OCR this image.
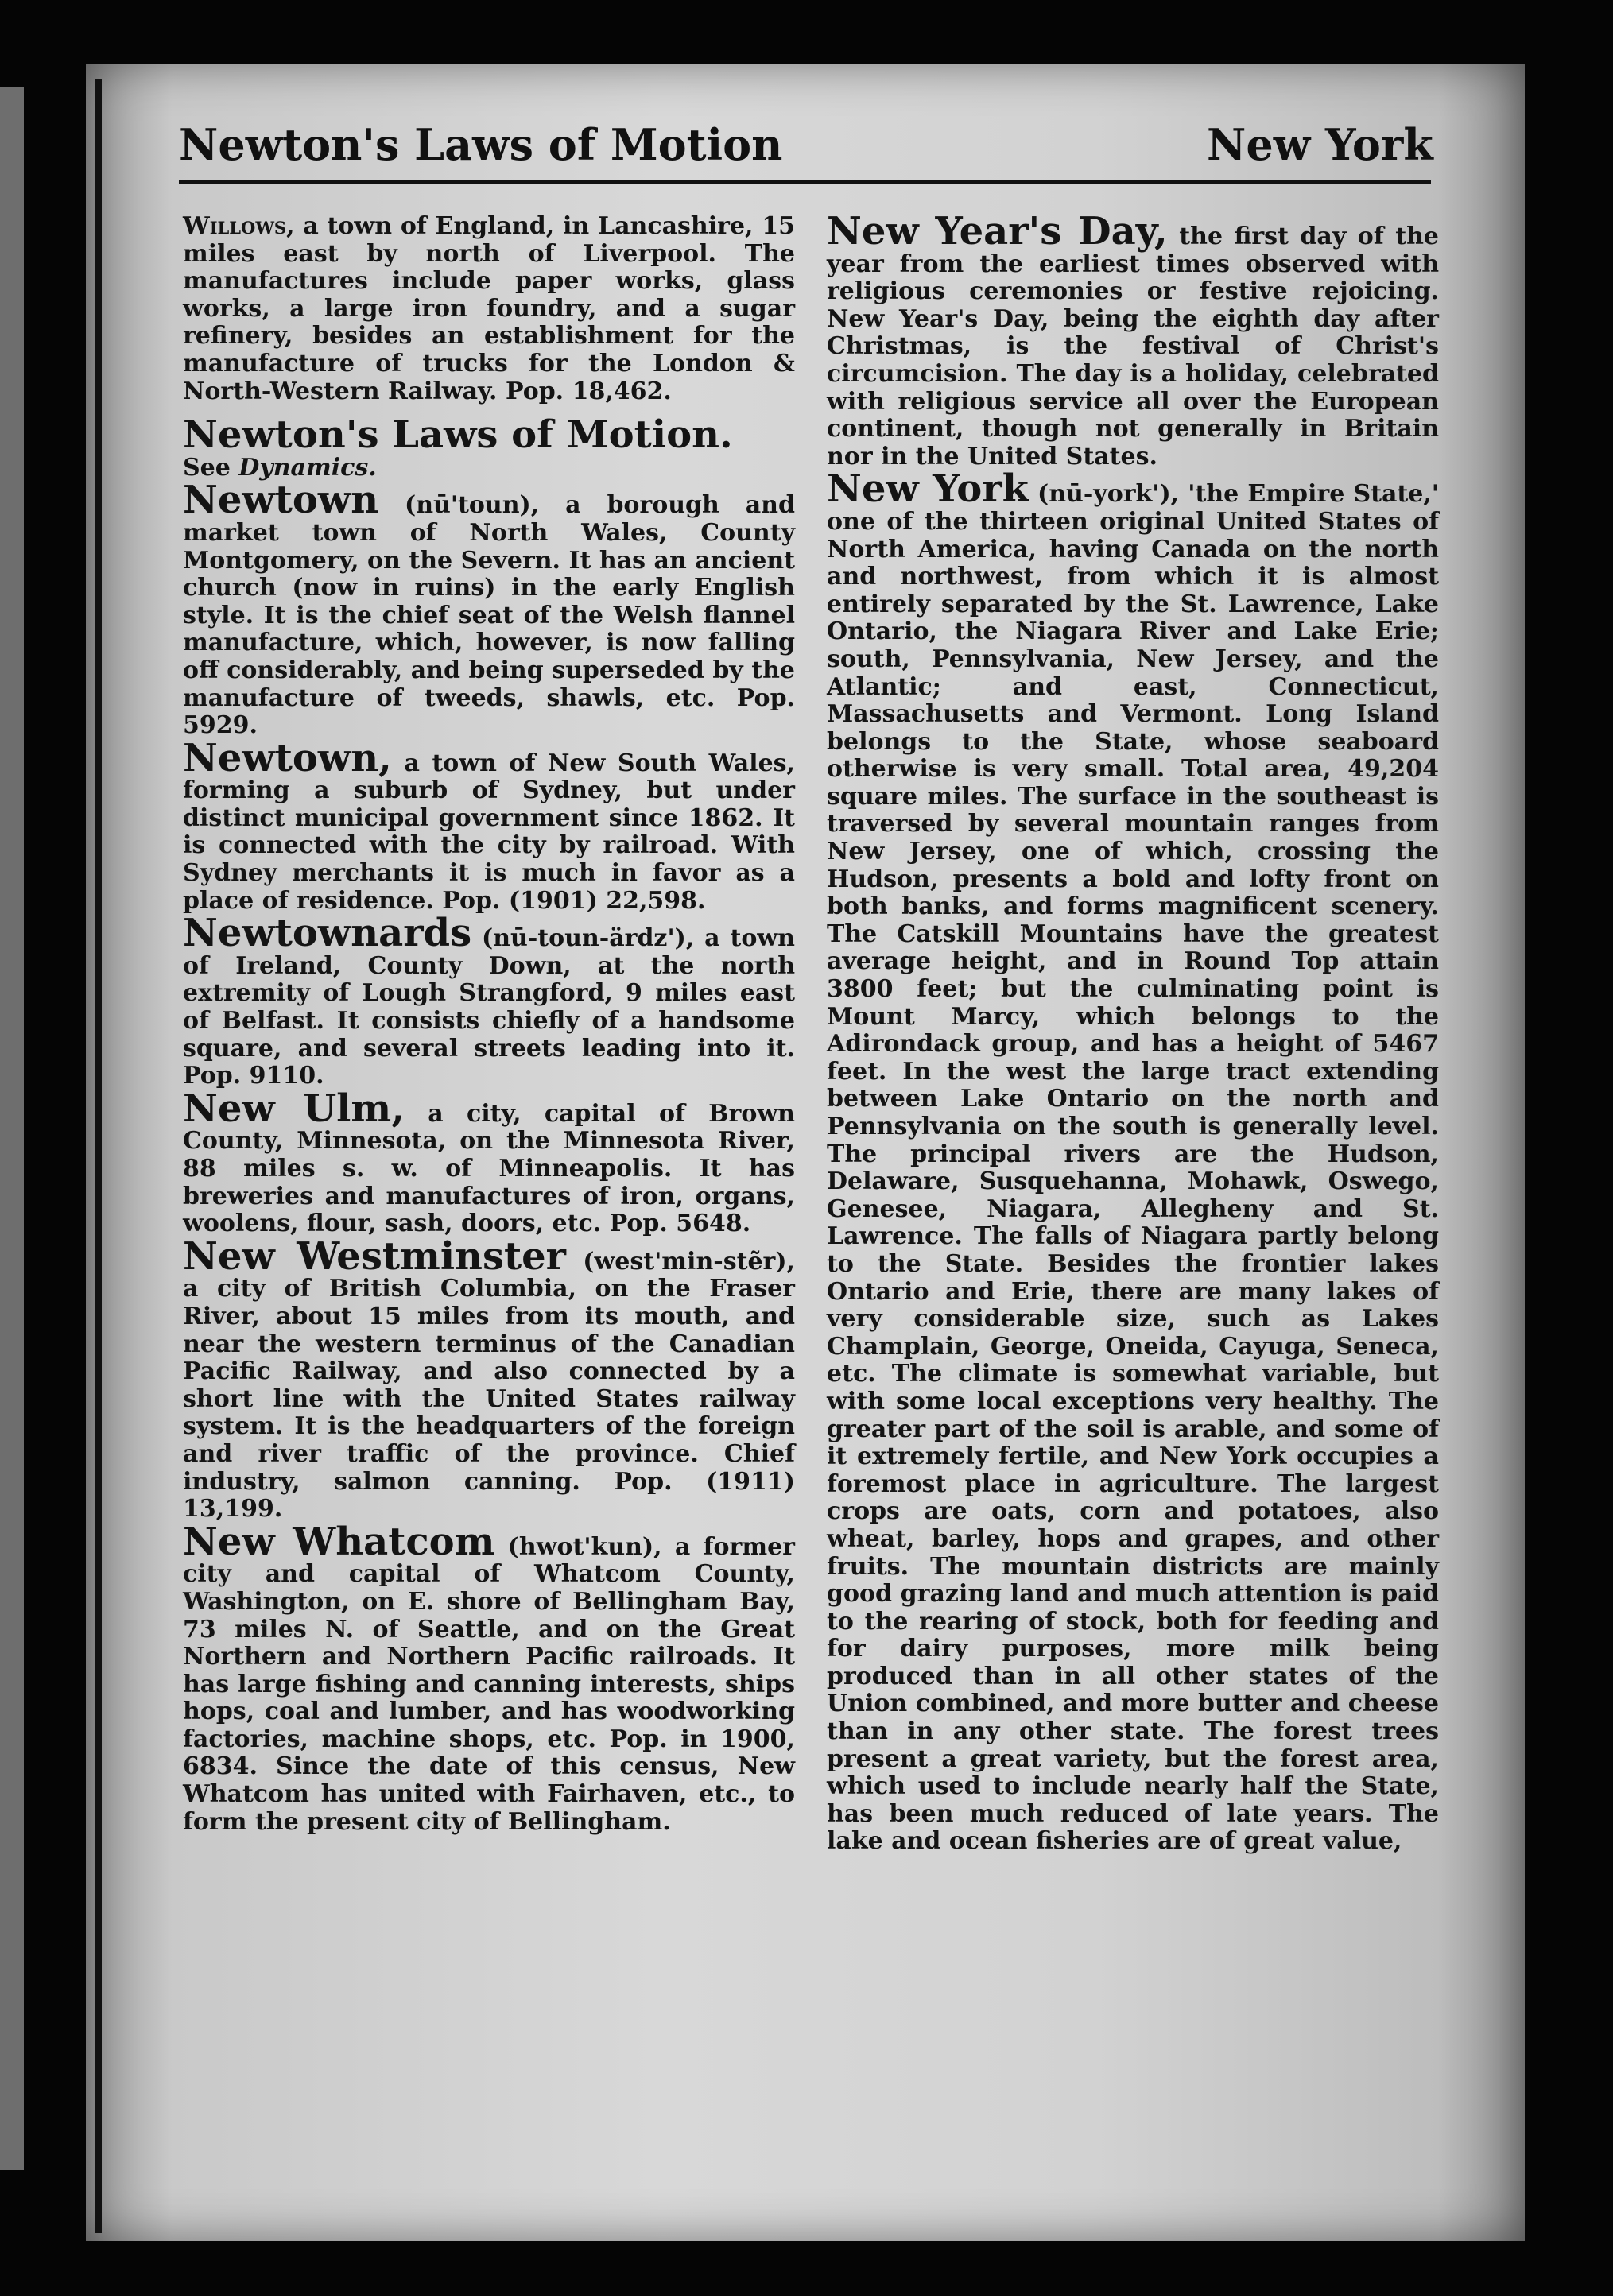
Newton's Laws of Motion	New York

Willows, a town of England, in Lancashire, 15 miles east by north of Liverpool. The manufactures include paper works, glass works, a large iron foundry, and a sugar refinery, besides an establishment for the manufacture of trucks for the London & North-Western Railway. Pop. 18,462.

Newton's Laws of Motion.

See Dynamics.

Newtown (nū'toun), a borough and market town of North Wales, County Montgomery, on the Severn. It has an ancient church (now in ruins) in the early English style. It is the chief seat of the Welsh flannel manufacture, which, however, is now falling off considerably, and being superseded by the manufacture of tweeds, shawls, etc. Pop. 5929.

Newtown, a town of New South Wales, forming a suburb of Sydney, but under distinct municipal government since 1862. It is connected with the city by railroad. With Sydney merchants it is much in favor as a place of residence. Pop. (1901) 22,598.

Newtownards (nū-toun-ärdz'), a town of Ireland, County Down, at the north extremity of Lough Strangford, 9 miles east of Belfast. It consists chiefly of a handsome square, and several streets leading into it. Pop. 9110.

New Ulm, a city, capital of Brown County, Minnesota, on the Minnesota River, 88 miles s. w. of Minneapolis. It has breweries and manufactures of iron, organs, woolens, flour, sash, doors, etc. Pop. 5648.

New Westminster (west'min-stẽr), a city of British Columbia, on the Fraser River, about 15 miles from its mouth, and near the western terminus of the Canadian Pacific Railway, and also connected by a short line with the United States railway system. It is the headquarters of the foreign and river traffic of the province. Chief industry, salmon canning. Pop. (1911) 13,199.

New Whatcom (hwot'kun), a former city and capital of Whatcom County, Washington, on E. shore of Bellingham Bay, 73 miles N. of Seattle, and on the Great Northern and Northern Pacific railroads. It has large fishing and canning interests, ships hops, coal and lumber, and has woodworking factories, machine shops, etc. Pop. in 1900, 6834. Since the date of this census, New Whatcom has united with Fairhaven, etc., to form the present city of Bellingham.

New Year's Day, the first day of the year from the earliest times observed with religious ceremonies or festive rejoicing. New Year's Day, being the eighth day after Christmas, is the festival of Christ's circumcision. The day is a holiday, celebrated with religious service all over the European continent, though not generally in Britain nor in the United States.

New York (nū-york'), 'the Empire State,' one of the thirteen original United States of North America, having Canada on the north and northwest, from which it is almost entirely separated by the St. Lawrence, Lake Ontario, the Niagara River and Lake Erie; south, Pennsylvania, New Jersey, and the Atlantic; and east, Connecticut, Massachusetts and Vermont. Long Island belongs to the State, whose seaboard otherwise is very small. Total area, 49,204 square miles. The surface in the southeast is traversed by several mountain ranges from New Jersey, one of which, crossing the Hudson, presents a bold and lofty front on both banks, and forms magnificent scenery. The Catskill Mountains have the greatest average height, and in Round Top attain 3800 feet; but the culminating point is Mount Marcy, which belongs to the Adirondack group, and has a height of 5467 feet. In the west the large tract extending between Lake Ontario on the north and Pennsylvania on the south is generally level. The principal rivers are the Hudson, Delaware, Susquehanna, Mohawk, Oswego, Genesee, Niagara, Allegheny and St. Lawrence. The falls of Niagara partly belong to the State. Besides the frontier lakes Ontario and Erie, there are many lakes of very considerable size, such as Lakes Champlain, George, Oneida, Cayuga, Seneca, etc. The climate is somewhat variable, but with some local exceptions very healthy. The greater part of the soil is arable, and some of it extremely fertile, and New York occupies a foremost place in agriculture. The largest crops are oats, corn and potatoes, also wheat, barley, hops and grapes, and other fruits. The mountain districts are mainly good grazing land and much attention is paid to the rearing of stock, both for feeding and for dairy purposes, more milk being produced than in all other states of the Union combined, and more butter and cheese than in any other state. The forest trees present a great variety, but the forest area, which used to include nearly half the State, has been much reduced of late years. The lake and ocean fisheries are of great value,
